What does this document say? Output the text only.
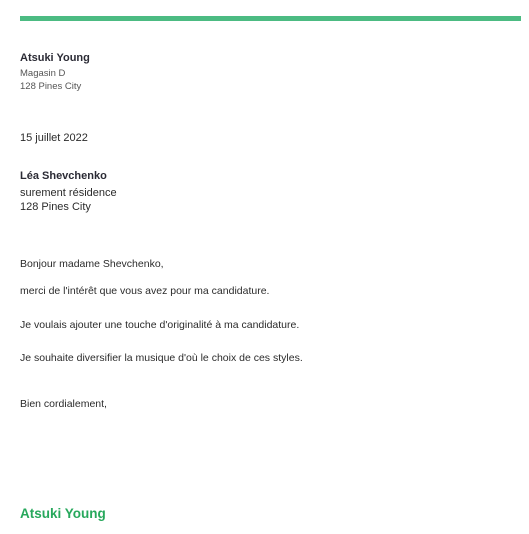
Atsuki Young
Magasin D
128 Pines City
15 juillet 2022
Léa Shevchenko
surement résidence
128 Pines City
Bonjour madame Shevchenko,
merci de l'intérêt que vous avez pour ma candidature.
Je voulais ajouter une touche d'originalité à ma candidature.
Je souhaite diversifier la musique d'où le choix de ces styles.
Bien cordialement,
Atsuki Young
